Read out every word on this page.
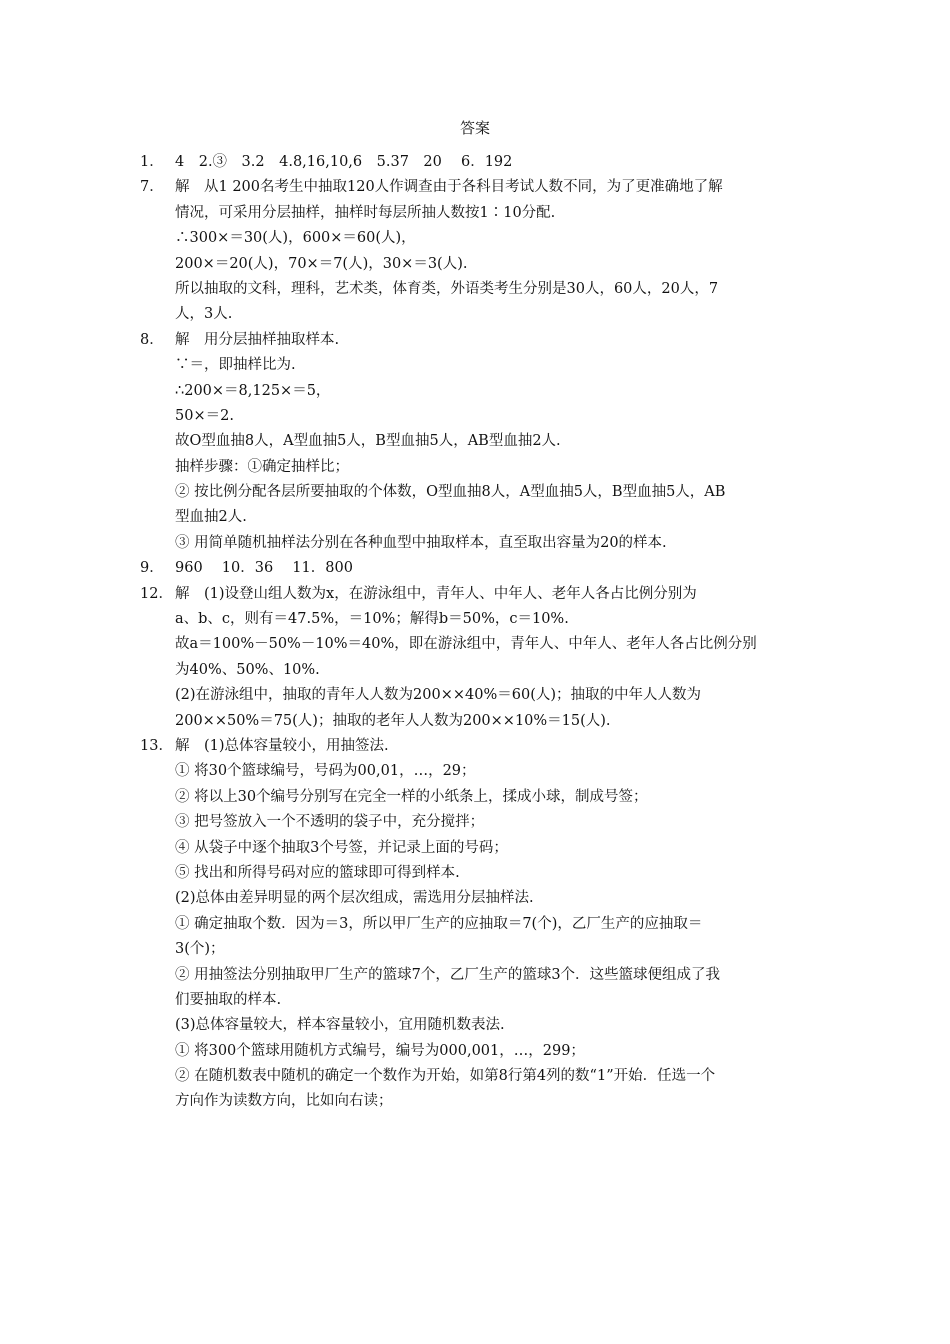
答案
1． 4　2.③　3.2　4.8,16,10,6　5.37　20　 6．192
7． 解　从1 200名考生中抽取120人作调查由于各科目考试人数不同，为了更准确地了解
情况，可采用分层抽样，抽样时每层所抽人数按1∶10分配.
∴300×＝30(人)，600×＝60(人)，
200×＝20(人)，70×＝7(人)，30×＝3(人).
所以抽取的文科，理科，艺术类，体育类，外语类考生分别是30人，60人，20人，7
人，3人.
8． 解　用分层抽样抽取样本.
∵＝，即抽样比为.
∴200×＝8,125×＝5，
50×＝2.
故O型血抽8人，A型血抽5人，B型血抽5人，AB型血抽2人.
抽样步骤：①确定抽样比；
② 按比例分配各层所要抽取的个体数，O型血抽8人，A型血抽5人，B型血抽5人，AB
型血抽2人.
③ 用简单随机抽样法分别在各种血型中抽取样本，直至取出容量为20的样本.
9． 960　 10．36　 11．800
12． 解　(1)设登山组人数为x，在游泳组中，青年人、中年人、老年人各占比例分别为
a、b、c，则有＝47.5%，＝10%；解得b＝50%，c＝10%.
故a＝100%－50%－10%＝40%，即在游泳组中，青年人、中年人、老年人各占比例分别
为40%、50%、10%.
(2)在游泳组中，抽取的青年人人数为200××40%＝60(人)；抽取的中年人人数为
200××50%＝75(人)；抽取的老年人人数为200××10%＝15(人).
13． 解　(1)总体容量较小，用抽签法.
① 将30个篮球编号，号码为00,01，…，29；
② 将以上30个编号分别写在完全一样的小纸条上，揉成小球，制成号签；
③ 把号签放入一个不透明的袋子中，充分搅拌；
④ 从袋子中逐个抽取3个号签，并记录上面的号码；
⑤ 找出和所得号码对应的篮球即可得到样本.
(2)总体由差异明显的两个层次组成，需选用分层抽样法.
① 确定抽取个数．因为＝3，所以甲厂生产的应抽取＝7(个)，乙厂生产的应抽取＝
3(个)；
② 用抽签法分别抽取甲厂生产的篮球7个，乙厂生产的篮球3个．这些篮球便组成了我
们要抽取的样本.
(3)总体容量较大，样本容量较小，宜用随机数表法.
① 将300个篮球用随机方式编号，编号为000,001，…，299；
② 在随机数表中随机的确定一个数作为开始，如第8行第4列的数“1”开始．任选一个
方向作为读数方向，比如向右读；
